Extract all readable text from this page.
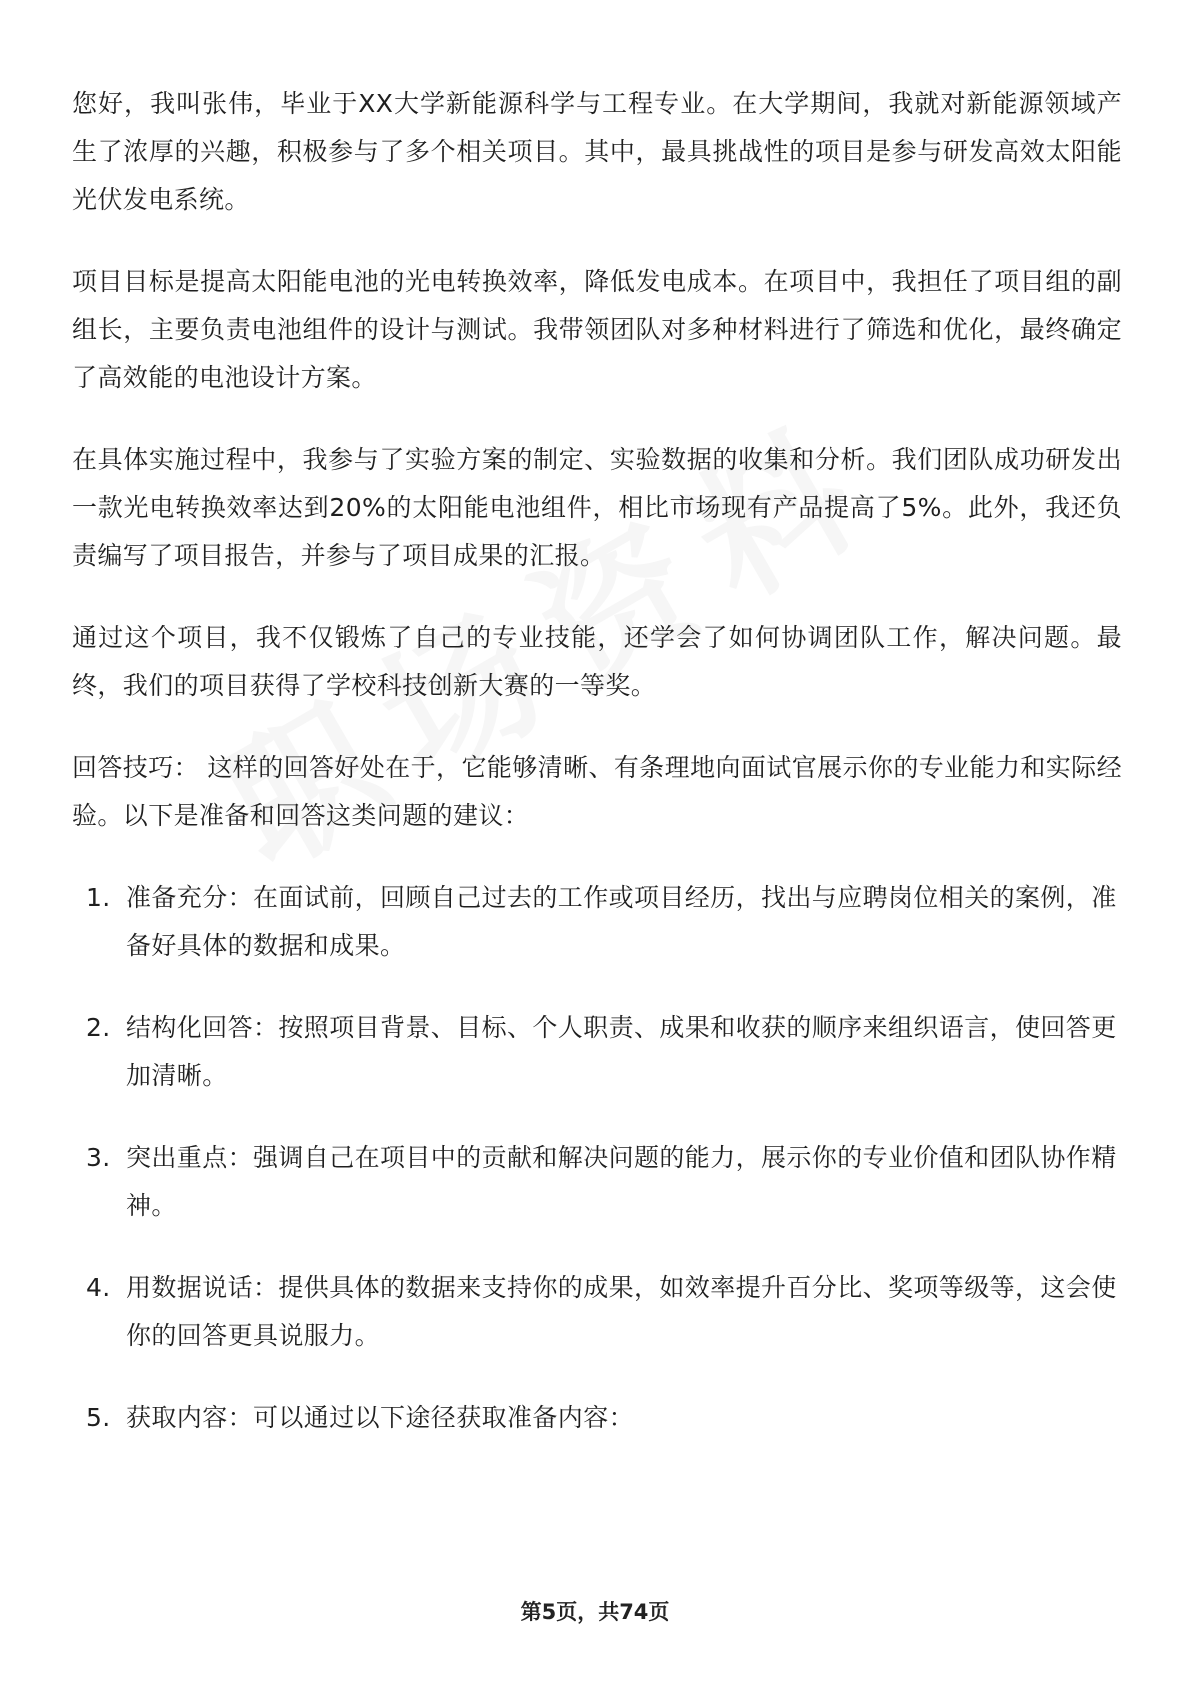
您好，我叫张伟，毕业于XX大学新能源科学与工程专业。在大学期间，我就对新能源领域产生了浓厚的兴趣，积极参与了多个相关项目。其中，最具挑战性的项目是参与研发高效太阳能光伏发电系统。

项目目标是提高太阳能电池的光电转换效率，降低发电成本。在项目中，我担任了项目组的副组长，主要负责电池组件的设计与测试。我带领团队对多种材料进行了筛选和优化，最终确定了高效能的电池设计方案。

在具体实施过程中，我参与了实验方案的制定、实验数据的收集和分析。我们团队成功研发出一款光电转换效率达到20%的太阳能电池组件，相比市场现有产品提高了5%。此外，我还负责编写了项目报告，并参与了项目成果的汇报。

通过这个项目，我不仅锻炼了自己的专业技能，还学会了如何协调团队工作，解决问题。最终，我们的项目获得了学校科技创新大赛的一等奖。

回答技巧： 这样的回答好处在于，它能够清晰、有条理地向面试官展示你的专业能力和实际经验。以下是准备和回答这类问题的建议：

1. 准备充分：在面试前，回顾自己过去的工作或项目经历，找出与应聘岗位相关的案例，准备好具体的数据和成果。
2. 结构化回答：按照项目背景、目标、个人职责、成果和收获的顺序来组织语言，使回答更加清晰。
3. 突出重点：强调自己在项目中的贡献和解决问题的能力，展示你的专业价值和团队协作精神。
4. 用数据说话：提供具体的数据来支持你的成果，如效率提升百分比、奖项等级等，这会使你的回答更具说服力。
5. 获取内容：可以通过以下途径获取准备内容：
第5页，共74页
